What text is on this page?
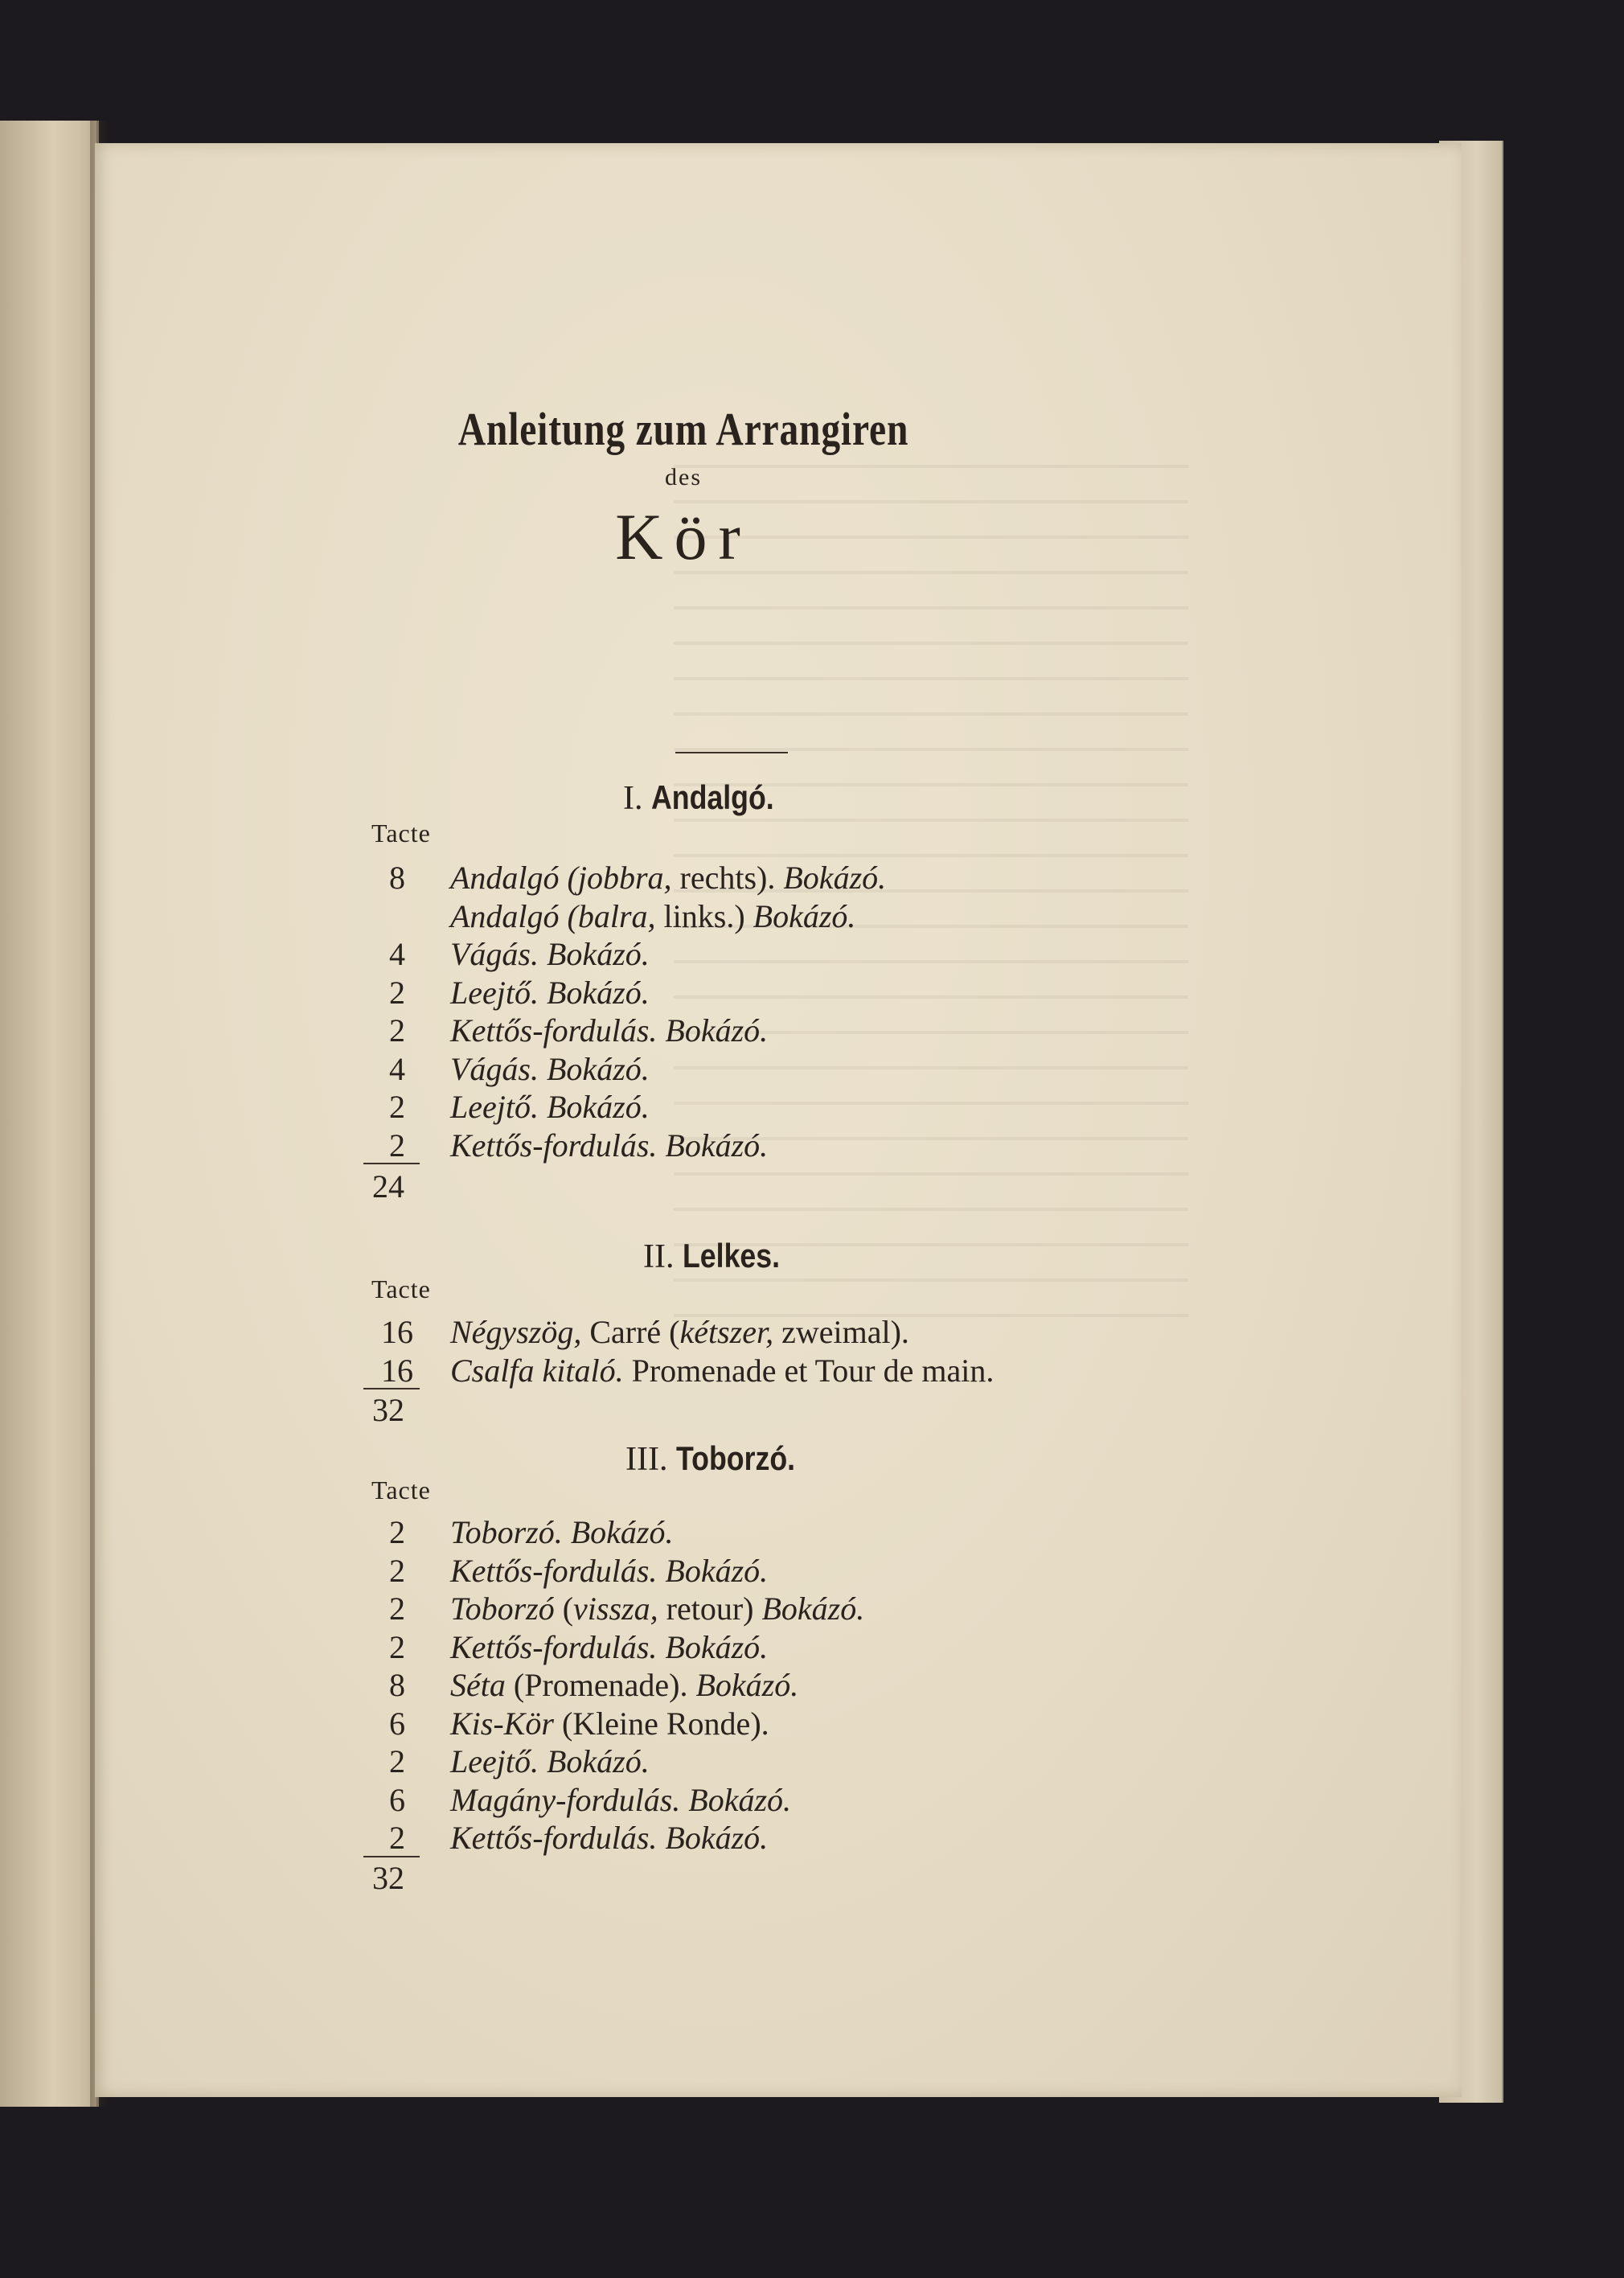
Anleitung zum Arrangiren
des
Kör
I. Andalgó.
Tacte
8 Andalgó (jobbra, rechts). Bokázó.
Andalgó (balra, links.) Bokázó.
4 Vágás. Bokázó.
2 Leejtő. Bokázó.
2 Kettős-fordulás. Bokázó.
4 Vágás. Bokázó.
2 Leejtő. Bokázó.
2 Kettős-fordulás. Bokázó.
24
II. Lelkes.
Tacte
16 Négyszög, Carré (kétszer, zweimal).
16 Csalfa kitaló. Promenade et Tour de main.
32
III. Toborzó.
Tacte
2 Toborzó. Bokázó.
2 Kettős-fordulás. Bokázó.
2 Toborzó (vissza, retour) Bokázó.
2 Kettős-fordulás. Bokázó.
8 Séta (Promenade). Bokázó.
6 Kis-Kör (Kleine Ronde).
2 Leejtő. Bokázó.
6 Magány-fordulás. Bokázó.
2 Kettős-fordulás. Bokázó.
32
